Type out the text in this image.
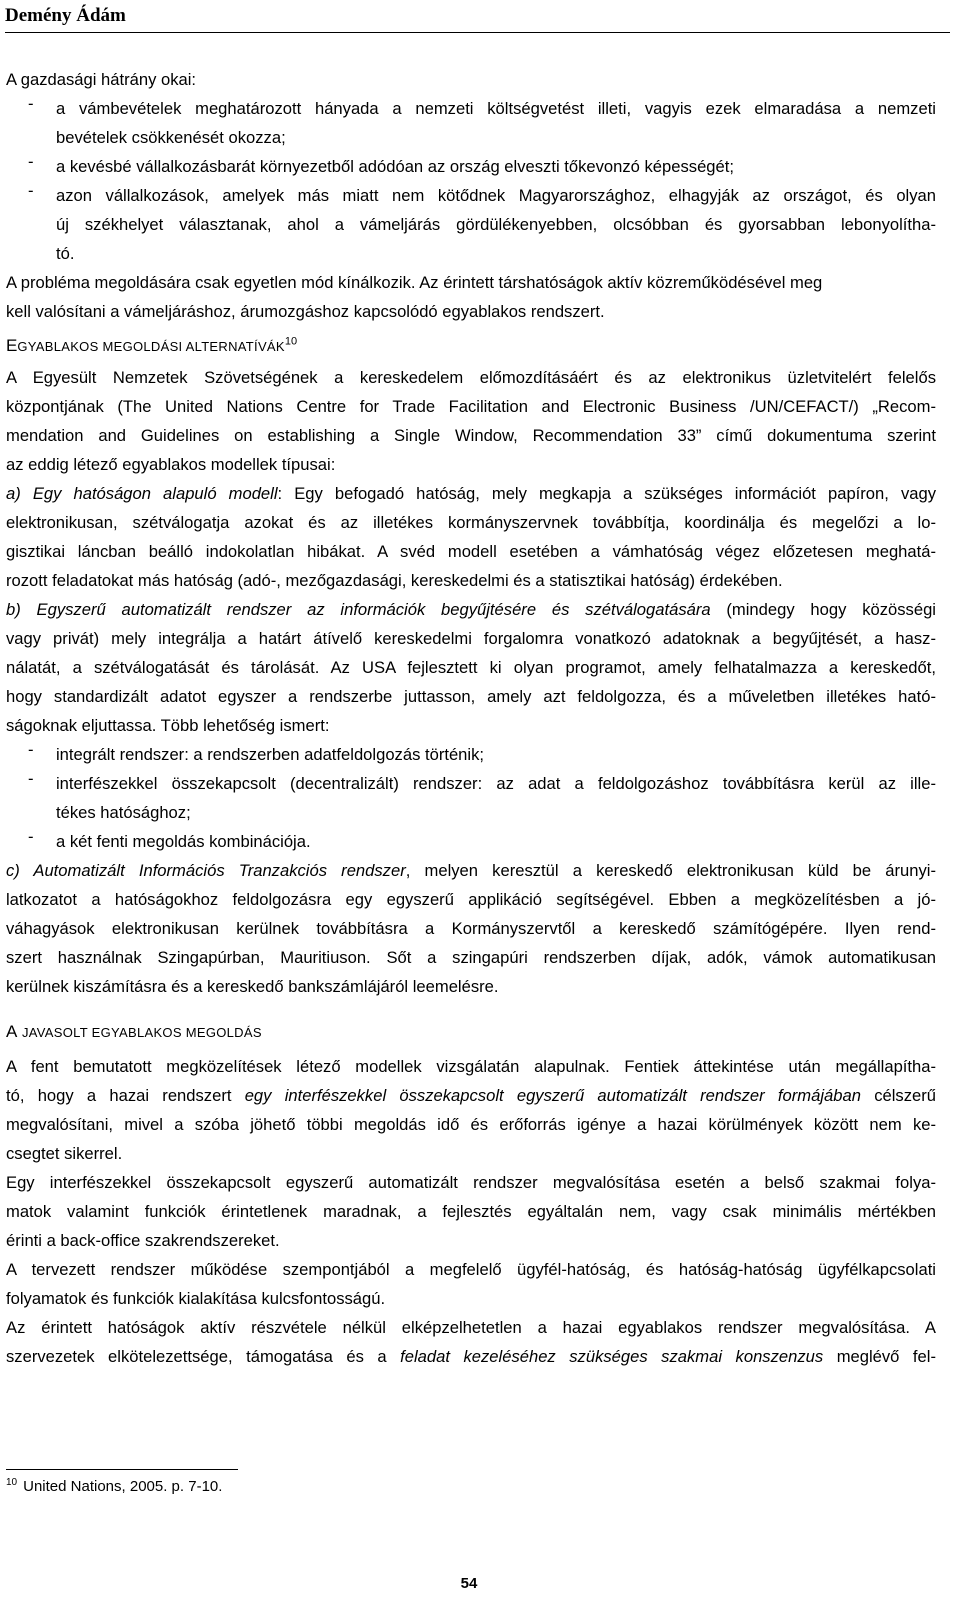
Demény Ádám
A gazdasági hátrány okai:
-	a vámbevételek meghatározott hányada a nemzeti költségvetést illeti, vagyis ezek elmaradása a nemzeti
bevételek csökkenését okozza;
-	a kevésbé vállalkozásbarát környezetből adódóan az ország elveszti tőkevonzó képességét;
-	azon vállalkozások, amelyek más miatt nem kötődnek Magyarországhoz, elhagyják az országot, és olyan
új székhelyet választanak, ahol a vámeljárás gördülékenyebben, olcsóbban és gyorsabban lebonyolítha-
tó.
A probléma megoldására csak egyetlen mód kínálkozik. Az érintett társhatóságok aktív közreműködésével meg
kell valósítani a vámeljáráshoz, árumozgáshoz kapcsolódó egyablakos rendszert.
EGYABLAKOS MEGOLDÁSI ALTERNATÍVÁK$^{10}$
A Egyesült Nemzetek Szövetségének a kereskedelem előmozdításáért és az elektronikus üzletvitelért felelős
központjának (The United Nations Centre for Trade Facilitation and Electronic Business /UN/CEFACT/) „Recom-
mendation and Guidelines on establishing a Single Window, Recommendation 33” című dokumentuma szerint
az eddig létező egyablakos modellek típusai:
a) Egy hatóságon alapuló modell: Egy befogadó hatóság, mely megkapja a szükséges információt papíron, vagy
elektronikusan, szétválogatja azokat és az illetékes kormányszervnek továbbítja, koordinálja és megelőzi a lo-
gisztikai láncban beálló indokolatlan hibákat. A svéd modell esetében a vámhatóság végez előzetesen meghatá-
rozott feladatokat más hatóság (adó-, mezőgazdasági, kereskedelmi és a statisztikai hatóság) érdekében.
b) Egyszerű automatizált rendszer az információk begyűjtésére és szétválogatására (mindegy hogy közösségi
vagy privát) mely integrálja a határt átívelő kereskedelmi forgalomra vonatkozó adatoknak a begyűjtését, a hasz-
nálatát, a szétválogatását és tárolását. Az USA fejlesztett ki olyan programot, amely felhatalmazza a kereskedőt,
hogy standardizált adatot egyszer a rendszerbe juttasson, amely azt feldolgozza, és a műveletben illetékes ható-
ságoknak eljuttassa. Több lehetőség ismert:
-	integrált rendszer: a rendszerben adatfeldolgozás történik;
-	interfészekkel összekapcsolt (decentralizált) rendszer: az adat a feldolgozáshoz továbbításra kerül az ille-
tékes hatósághoz;
-	a két fenti megoldás kombinációja.
c) Automatizált Információs Tranzakciós rendszer, melyen keresztül a kereskedő elektronikusan küld be árunyi-
latkozatot a hatóságokhoz feldolgozásra egy egyszerű applikáció segítségével. Ebben a megközelítésben a jó-
váhagyások elektronikusan kerülnek továbbításra a Kormányszervtől a kereskedő számítógépére. Ilyen rend-
szert használnak Szingapúrban, Mauritiuson. Sőt a szingapúri rendszerben díjak, adók, vámok automatikusan
kerülnek kiszámításra és a kereskedő bankszámlájáról leemelésre.
A JAVASOLT EGYABLAKOS MEGOLDÁS
A fent bemutatott megközelítések létező modellek vizsgálatán alapulnak. Fentiek áttekintése után megállapítha-
tó, hogy a hazai rendszert egy interfészekkel összekapcsolt egyszerű automatizált rendszer formájában célszerű
megvalósítani, mivel a szóba jöhető többi megoldás idő és erőforrás igénye a hazai körülmények között nem ke-
csegtet sikerrel.
Egy interfészekkel összekapcsolt egyszerű automatizált rendszer megvalósítása esetén a belső szakmai folya-
matok valamint funkciók érintetlenek maradnak, a fejlesztés egyáltalán nem, vagy csak minimális mértékben
érinti a back-office szakrendszereket.
A tervezett rendszer működése szempontjából a megfelelő ügyfél-hatóság, és hatóság-hatóság ügyfélkapcsolati
folyamatok és funkciók kialakítása kulcsfontosságú.
Az érintett hatóságok aktív részvétele nélkül elképzelhetetlen a hazai egyablakos rendszer megvalósítása. A
szervezetek elkötelezettsége, támogatása és a feladat kezeléséhez szükséges szakmai konszenzus meglévő fel-
$^{10}$ United Nations, 2005. p. 7-10.
54
